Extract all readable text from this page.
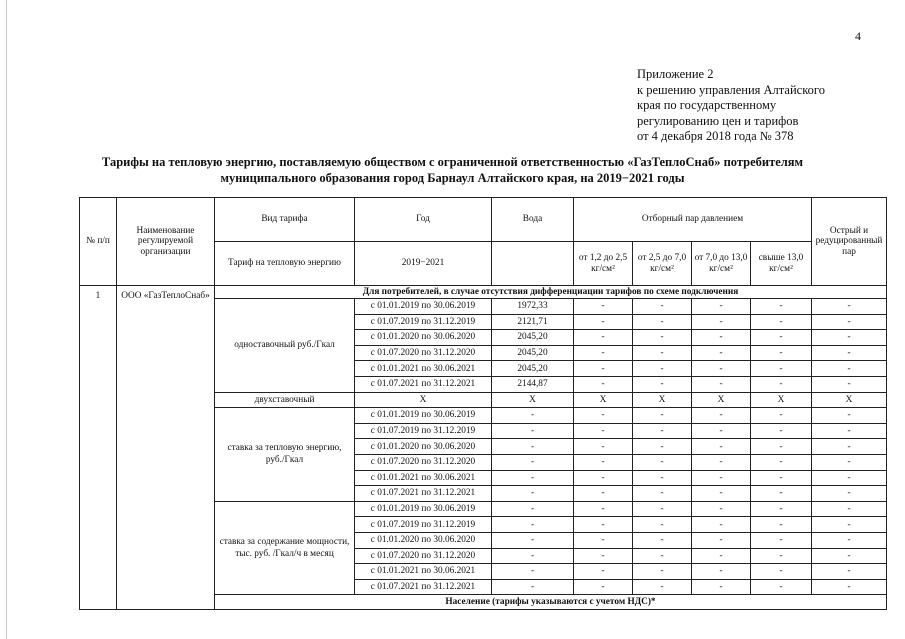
4
Приложение 2
к решению управления Алтайского
края по государственному
регулированию цен и тарифов
от 4 декабря 2018 года № 378
Тарифы на тепловую энергию, поставляемую обществом с ограниченной ответственностью «ГазТеплоСнаб» потребителям
муниципального образования город Барнаул Алтайского края, на 2019−2021 годы
№ п/п	Наименование регулируемой организации	Вид тарифа	Год	Вода	Отборный пар давлением				Острый и редуцированный пар
		Тариф на тепловую энергию	2019−2021		от 1,2 до 2,5 кг/см²	от 2,5 до 7,0 кг/см²	от 7,0 до 13,0 кг/см²	свыше 13,0 кг/см²	
1	ООО «ГазТеплоСнаб»	Для потребителей, в случае отсутствия дифференциации тарифов по схеме подключения							
		одноставочный руб./Гкал	с 01.01.2019 по 30.06.2019	1972,33	-	-	-	-	-
			с 01.07.2019 по 31.12.2019	2121,71	-	-	-	-	-
			с 01.01.2020 по 30.06.2020	2045,20	-	-	-	-	-
			с 01.07.2020 по 31.12.2020	2045,20	-	-	-	-	-
			с 01.01.2021 по 30.06.2021	2045,20	-	-	-	-	-
			с 01.07.2021 по 31.12.2021	2144,87	-	-	-	-	-
		двухставочный	X	X	X	X	X	X	X
		ставка за тепловую энергию, руб./Гкал	с 01.01.2019 по 30.06.2019	-	-	-	-	-	-
			с 01.07.2019 по 31.12.2019	-	-	-	-	-	-
			с 01.01.2020 по 30.06.2020	-	-	-	-	-	-
			с 01.07.2020 по 31.12.2020	-	-	-	-	-	-
			с 01.01.2021 по 30.06.2021	-	-	-	-	-	-
			с 01.07.2021 по 31.12.2021	-	-	-	-	-	-
		ставка за содержание мощности, тыс. руб. /Гкал/ч в месяц	с 01.01.2019 по 30.06.2019	-	-	-	-	-	-
			с 01.07.2019 по 31.12.2019	-	-	-	-	-	-
			с 01.01.2020 по 30.06.2020	-	-	-	-	-	-
			с 01.07.2020 по 31.12.2020	-	-	-	-	-	-
			с 01.01.2021 по 30.06.2021	-	-	-	-	-	-
			с 01.07.2021 по 31.12.2021	-	-	-	-	-	-
		Население (тарифы указываются с учетом НДС)*							
